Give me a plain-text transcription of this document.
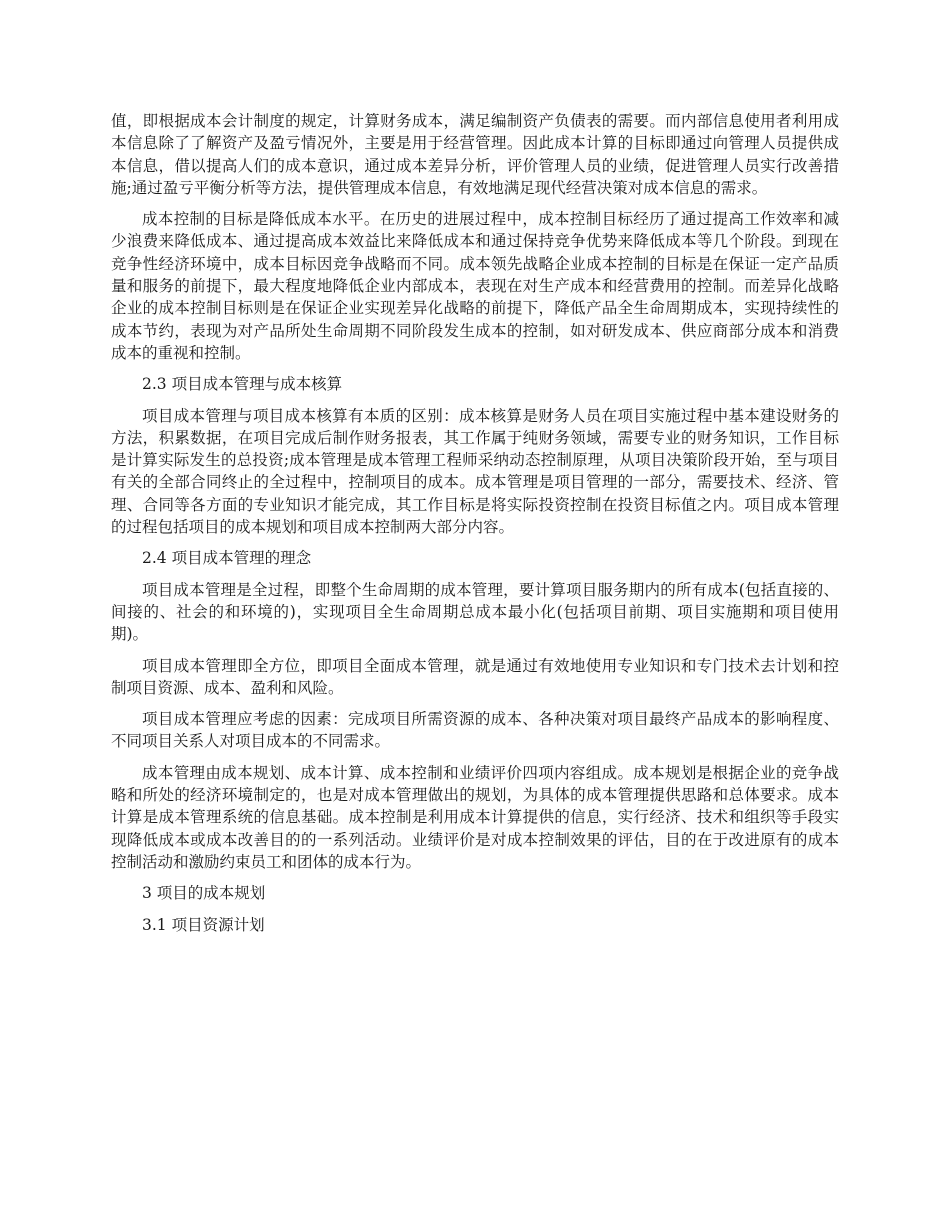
值，即根据成本会计制度的规定，计算财务成本，满足编制资产负债表的需要。而内部信息使用者利用成本信息除了了解资产及盈亏情况外，主要是用于经营管理。因此成本计算的目标即通过向管理人员提供成本信息，借以提高人们的成本意识，通过成本差异分析，评价管理人员的业绩，促进管理人员实行改善措施;通过盈亏平衡分析等方法，提供管理成本信息，有效地满足现代经营决策对成本信息的需求。

成本控制的目标是降低成本水平。在历史的进展过程中，成本控制目标经历了通过提高工作效率和减少浪费来降低成本、通过提高成本效益比来降低成本和通过保持竞争优势来降低成本等几个阶段。到现在竞争性经济环境中，成本目标因竞争战略而不同。成本领先战略企业成本控制的目标是在保证一定产品质量和服务的前提下，最大程度地降低企业内部成本，表现在对生产成本和经营费用的控制。而差异化战略企业的成本控制目标则是在保证企业实现差异化战略的前提下，降低产品全生命周期成本，实现持续性的成本节约，表现为对产品所处生命周期不同阶段发生成本的控制，如对研发成本、供应商部分成本和消费成本的重视和控制。

2.3 项目成本管理与成本核算

项目成本管理与项目成本核算有本质的区别：成本核算是财务人员在项目实施过程中基本建设财务的方法，积累数据，在项目完成后制作财务报表，其工作属于纯财务领域，需要专业的财务知识，工作目标是计算实际发生的总投资;成本管理是成本管理工程师采纳动态控制原理，从项目决策阶段开始，至与项目有关的全部合同终止的全过程中，控制项目的成本。成本管理是项目管理的一部分，需要技术、经济、管理、合同等各方面的专业知识才能完成，其工作目标是将实际投资控制在投资目标值之内。项目成本管理的过程包括项目的成本规划和项目成本控制两大部分内容。

2.4 项目成本管理的理念

项目成本管理是全过程，即整个生命周期的成本管理，要计算项目服务期内的所有成本(包括直接的、间接的、社会的和环境的)，实现项目全生命周期总成本最小化(包括项目前期、项目实施期和项目使用期)。

项目成本管理即全方位，即项目全面成本管理，就是通过有效地使用专业知识和专门技术去计划和控制项目资源、成本、盈利和风险。

项目成本管理应考虑的因素：完成项目所需资源的成本、各种决策对项目最终产品成本的影响程度、不同项目关系人对项目成本的不同需求。

成本管理由成本规划、成本计算、成本控制和业绩评价四项内容组成。成本规划是根据企业的竞争战略和所处的经济环境制定的，也是对成本管理做出的规划，为具体的成本管理提供思路和总体要求。成本计算是成本管理系统的信息基础。成本控制是利用成本计算提供的信息，实行经济、技术和组织等手段实现降低成本或成本改善目的的一系列活动。业绩评价是对成本控制效果的评估，目的在于改进原有的成本控制活动和激励约束员工和团体的成本行为。

3 项目的成本规划

3.1 项目资源计划
